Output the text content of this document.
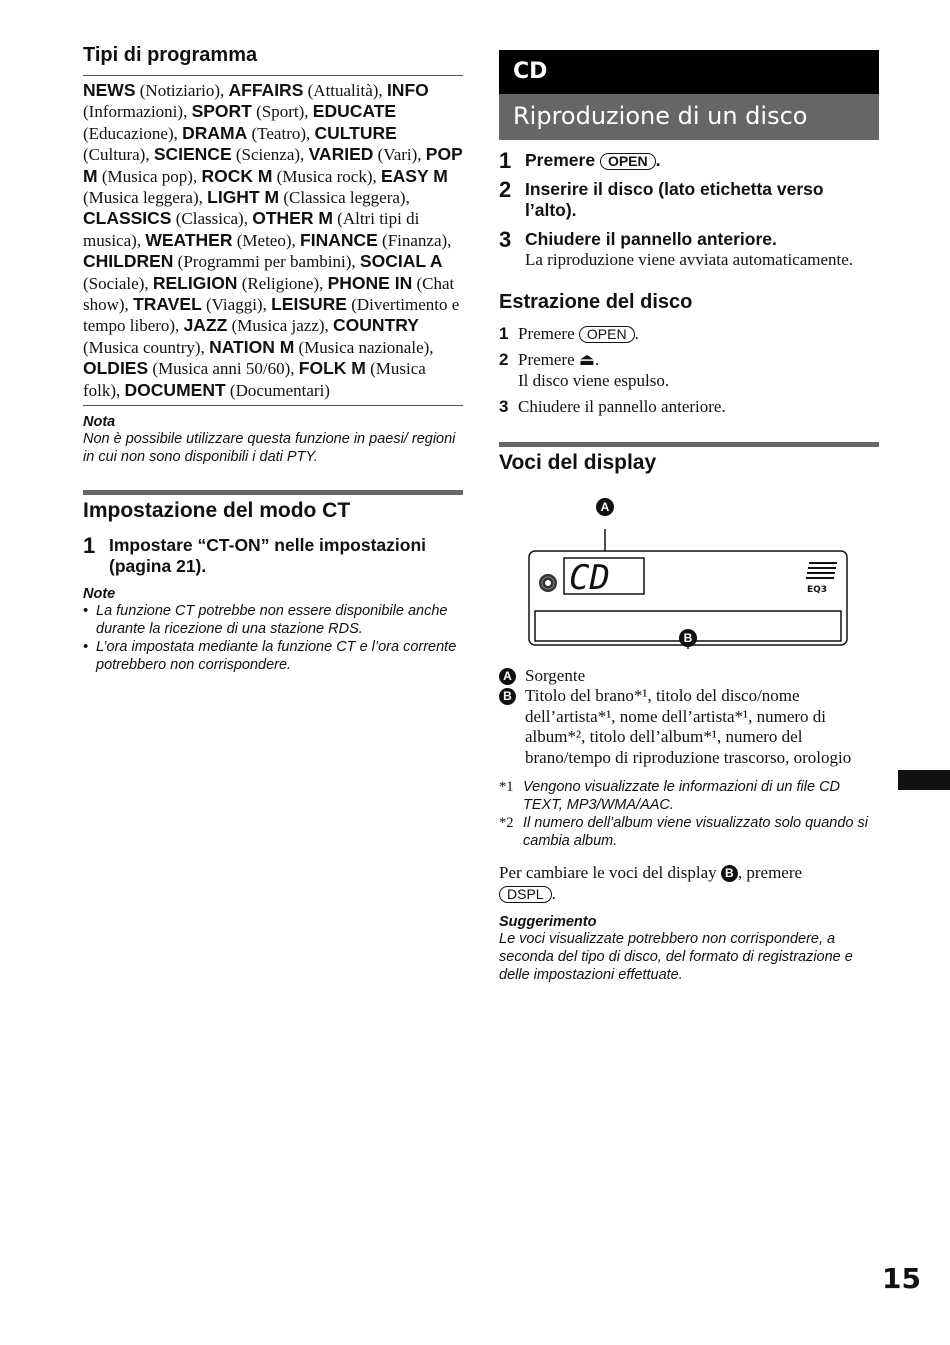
Tipi di programma
NEWS (Notiziario), AFFAIRS (Attualità), INFO (Informazioni), SPORT (Sport), EDUCATE (Educazione), DRAMA (Teatro), CULTURE (Cultura), SCIENCE (Scienza), VARIED (Vari), POP M (Musica pop), ROCK M (Musica rock), EASY M (Musica leggera), LIGHT M (Classica leggera), CLASSICS (Classica), OTHER M (Altri tipi di musica), WEATHER (Meteo), FINANCE (Finanza), CHILDREN (Programmi per bambini), SOCIAL A (Sociale), RELIGION (Religione), PHONE IN (Chat show), TRAVEL (Viaggi), LEISURE (Divertimento e tempo libero), JAZZ (Musica jazz), COUNTRY (Musica country), NATION M (Musica nazionale), OLDIES (Musica anni 50/60), FOLK M (Musica folk), DOCUMENT (Documentari)
Nota
Non è possibile utilizzare questa funzione in paesi/ regioni in cui non sono disponibili i dati PTY.
Impostazione del modo CT
1 Impostare “CT-ON” nelle impostazioni (pagina 21).
Note
• La funzione CT potrebbe non essere disponibile anche durante la ricezione di una stazione RDS.
• L’ora impostata mediante la funzione CT e l’ora corrente potrebbero non corrispondere.
CD
Riproduzione di un disco
1 Premere OPEN .
2 Inserire il disco (lato etichetta verso l’alto).
3 Chiudere il pannello anteriore.
La riproduzione viene avviata automaticamente.
Estrazione del disco
1 Premere OPEN .
2 Premere ⏏.
Il disco viene espulso.
3 Chiudere il pannello anteriore.
Voci del display
CD	EQ3
A
B
A Sorgente
B Titolo del brano*¹, titolo del disco/nome dell’artista*¹, nome dell’artista*¹, numero di album*², titolo dell’album*¹, numero del brano/tempo di riproduzione trascorso, orologio
*1 Vengono visualizzate le informazioni di un file CD TEXT, MP3/WMA/AAC.
*2 Il numero dell’album viene visualizzato solo quando si cambia album.
Per cambiare le voci del display B , premere
DSPL .
Suggerimento
Le voci visualizzate potrebbero non corrispondere, a seconda del tipo di disco, del formato di registrazione e delle impostazioni effettuate.
15
